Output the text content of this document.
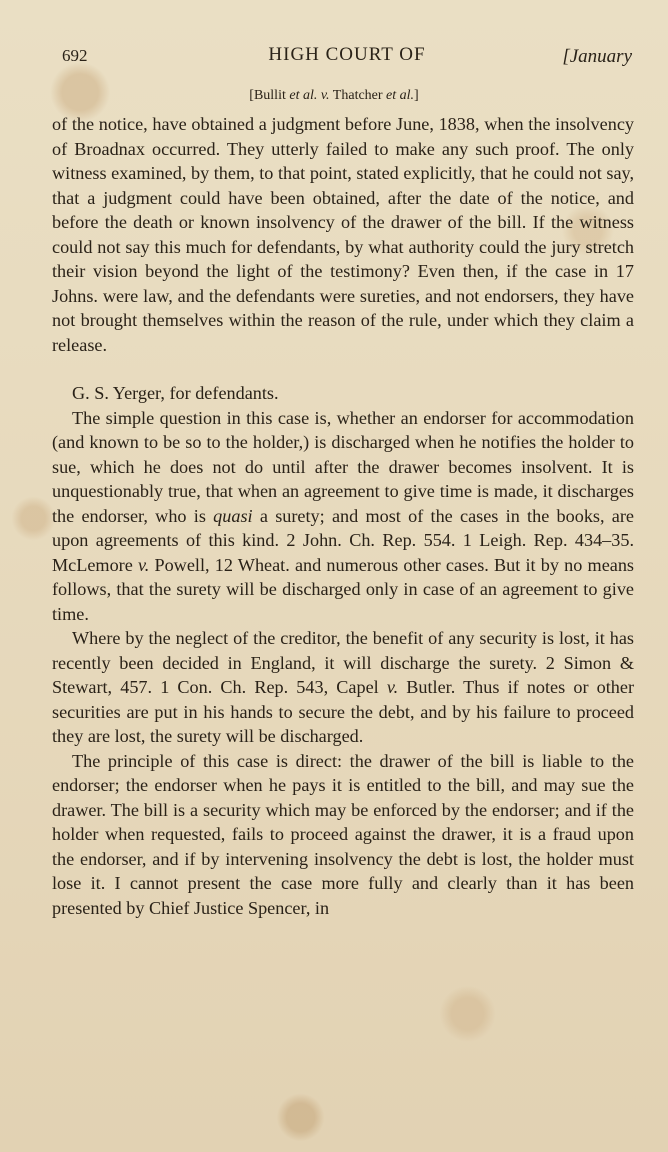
692	HIGH COURT OF	[January
[Bullit et al. v. Thatcher et al.]

of the notice, have obtained a judgment before June, 1838, when the insolvency of Broadnax occurred. They utterly failed to make any such proof. The only witness examined, by them, to that point, stated explicitly, that he could not say, that a judgment could have been obtained, after the date of the notice, and before the death or known insolvency of the drawer of the bill. If the witness could not say this much for defendants, by what authority could the jury stretch their vision beyond the light of the testimony? Even then, if the case in 17 Johns. were law, and the defendants were sureties, and not endorsers, they have not brought themselves within the reason of the rule, under which they claim a release.

G. S. Yerger, for defendants.

The simple question in this case is, whether an endorser for accommodation (and known to be so to the holder,) is discharged when he notifies the holder to sue, which he does not do until after the drawer becomes insolvent. It is unquestionably true, that when an agreement to give time is made, it discharges the endorser, who is quasi a surety; and most of the cases in the books, are upon agreements of this kind. 2 John. Ch. Rep. 554. 1 Leigh. Rep. 434–35. McLemore v. Powell, 12 Wheat. and numerous other cases. But it by no means follows, that the surety will be discharged only in case of an agreement to give time.

Where by the neglect of the creditor, the benefit of any security is lost, it has recently been decided in England, it will discharge the surety. 2 Simon & Stewart, 457. 1 Con. Ch. Rep. 543, Capel v. Butler. Thus if notes or other securities are put in his hands to secure the debt, and by his failure to proceed they are lost, the surety will be discharged.

The principle of this case is direct: the drawer of the bill is liable to the endorser; the endorser when he pays it is entitled to the bill, and may sue the drawer. The bill is a security which may be enforced by the endorser; and if the holder when requested, fails to proceed against the drawer, it is a fraud upon the endorser, and if by intervening insolvency the debt is lost, the holder must lose it. I cannot present the case more fully and clearly than it has been presented by Chief Justice Spencer, in
